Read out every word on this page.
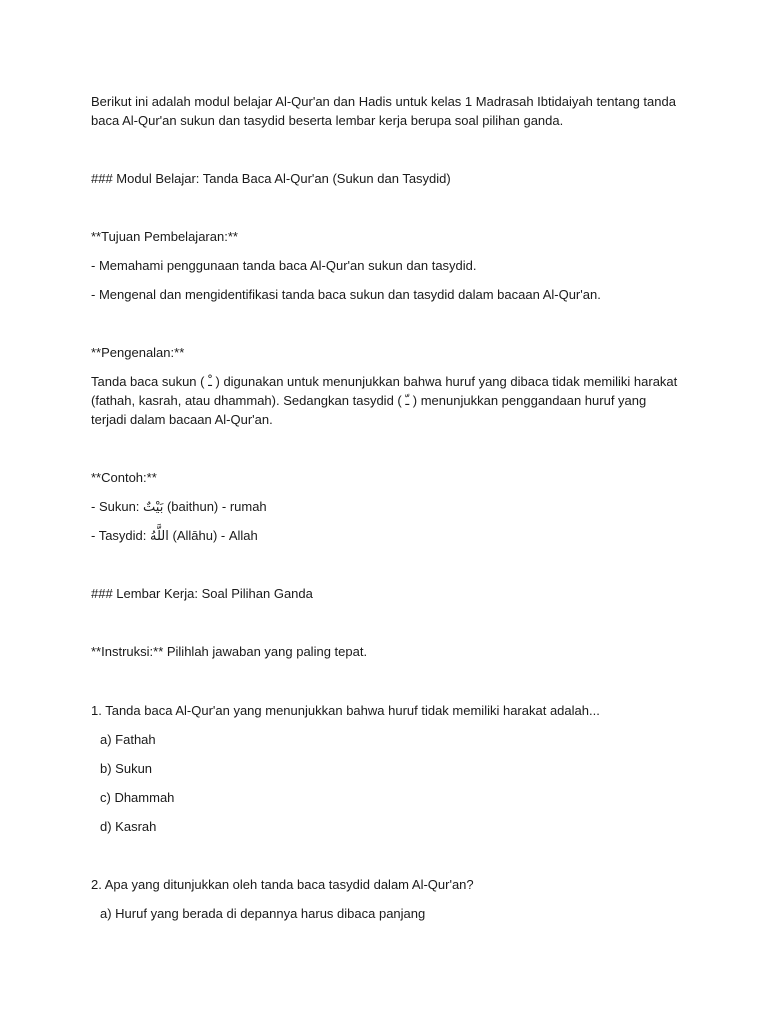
Berikut ini adalah modul belajar Al-Qur'an dan Hadis untuk kelas 1 Madrasah Ibtidaiyah tentang tanda
baca Al-Qur'an sukun dan tasydid beserta lembar kerja berupa soal pilihan ganda.
### Modul Belajar: Tanda Baca Al-Qur'an (Sukun dan Tasydid)
**Tujuan Pembelajaran:**
- Memahami penggunaan tanda baca Al-Qur'an sukun dan tasydid.
- Mengenal dan mengidentifikasi tanda baca sukun dan tasydid dalam bacaan Al-Qur'an.
**Pengenalan:**
Tanda baca sukun ( ـْ ) digunakan untuk menunjukkan bahwa huruf yang dibaca tidak memiliki harakat
(fathah, kasrah, atau dhammah). Sedangkan tasydid ( ـّ ) menunjukkan penggandaan huruf yang
terjadi dalam bacaan Al-Qur'an.
**Contoh:**
- Sukun: بَيْتٌ (baithun) - rumah
- Tasydid: اللَّهُ (Allāhu) - Allah
### Lembar Kerja: Soal Pilihan Ganda
**Instruksi:** Pilihlah jawaban yang paling tepat.
1. Tanda baca Al-Qur'an yang menunjukkan bahwa huruf tidak memiliki harakat adalah...
a) Fathah
b) Sukun
c) Dhammah
d) Kasrah
2. Apa yang ditunjukkan oleh tanda baca tasydid dalam Al-Qur'an?
a) Huruf yang berada di depannya harus dibaca panjang
